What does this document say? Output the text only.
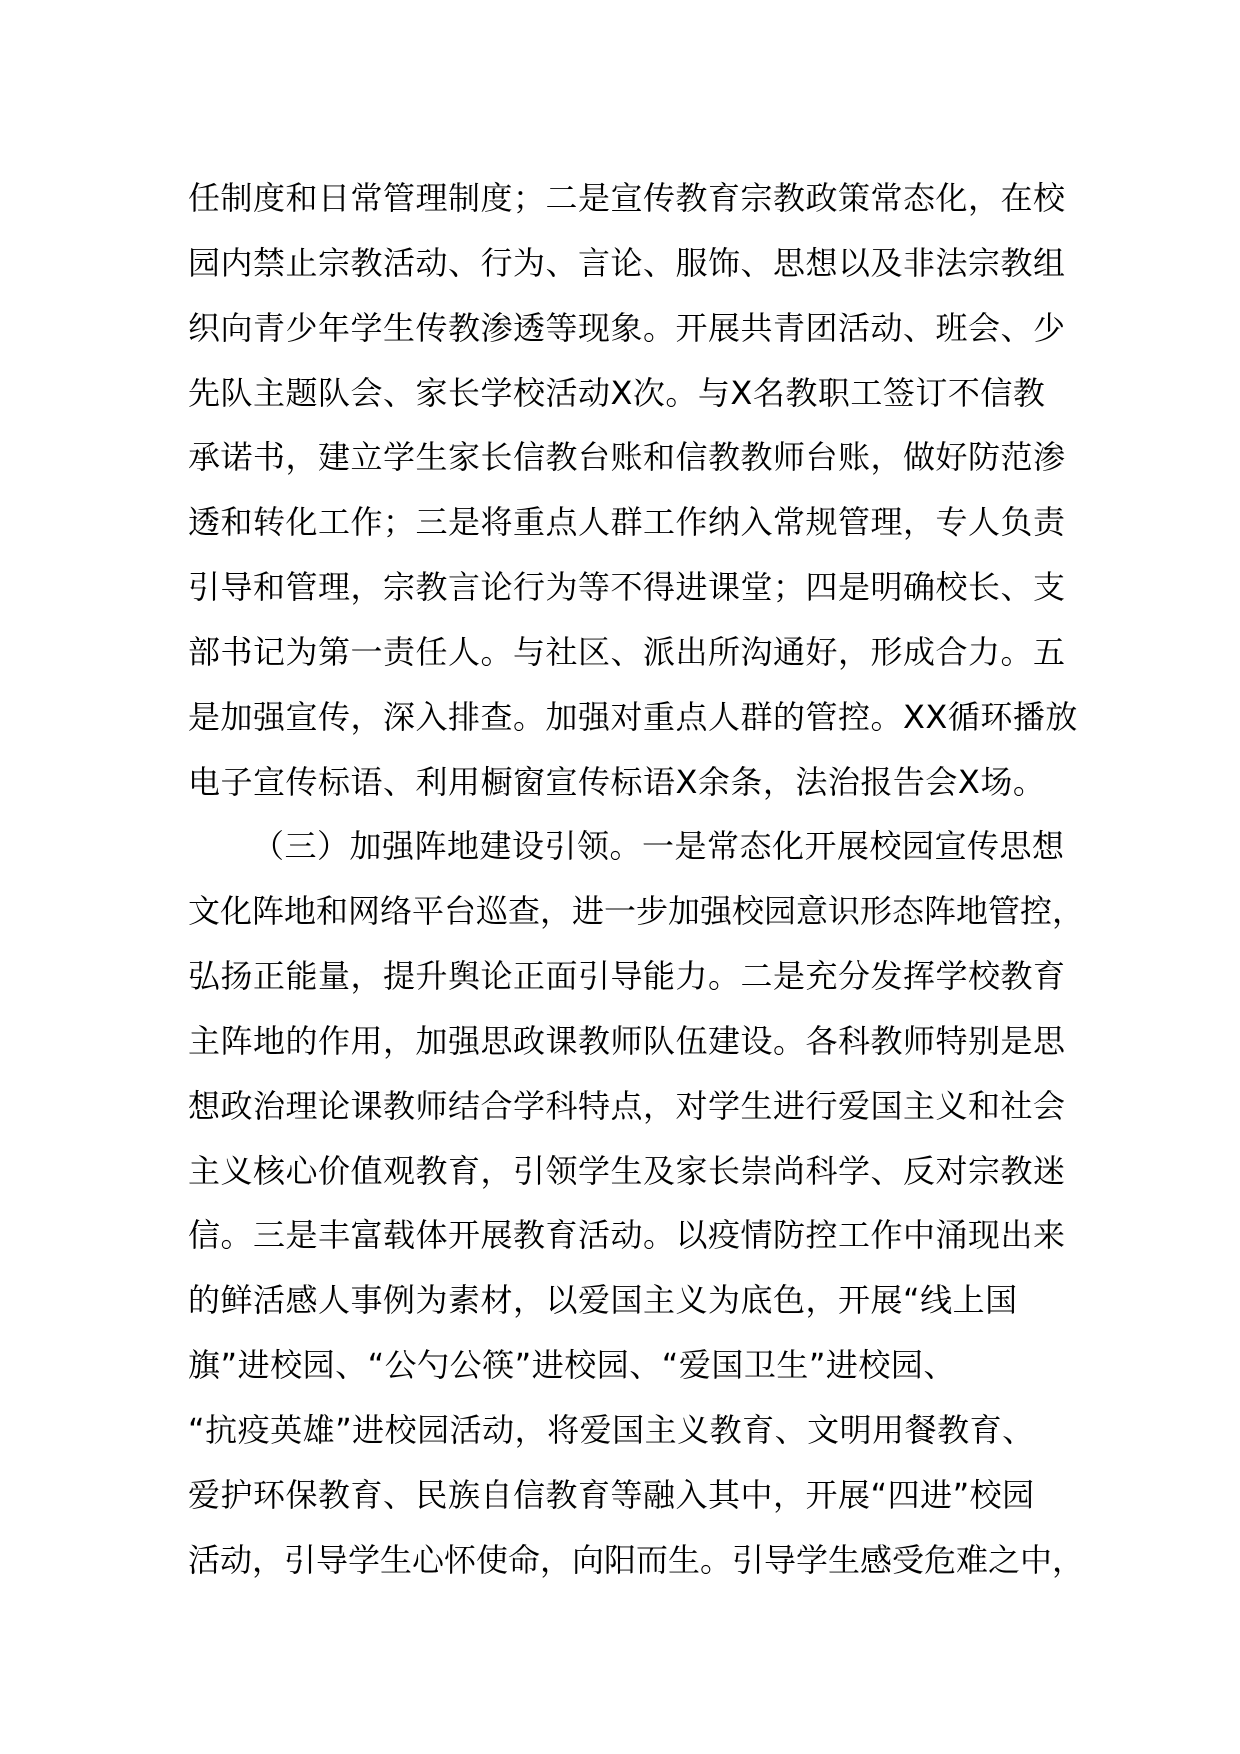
任制度和日常管理制度；二是宣传教育宗教政策常态化，在校
园内禁止宗教活动、行为、言论、服饰、思想以及非法宗教组
织向青少年学生传教渗透等现象。开展共青团活动、班会、少
先队主题队会、家长学校活动X次。与X名教职工签订不信教
承诺书，建立学生家长信教台账和信教教师台账，做好防范渗
透和转化工作；三是将重点人群工作纳入常规管理，专人负责
引导和管理，宗教言论行为等不得进课堂；四是明确校长、支
部书记为第一责任人。与社区、派出所沟通好，形成合力。五
是加强宣传，深入排查。加强对重点人群的管控。XX循环播放
电子宣传标语、利用橱窗宣传标语X余条，法治报告会X场。
（三）加强阵地建设引领。一是常态化开展校园宣传思想
文化阵地和网络平台巡查，进一步加强校园意识形态阵地管控，
弘扬正能量，提升舆论正面引导能力。二是充分发挥学校教育
主阵地的作用，加强思政课教师队伍建设。各科教师特别是思
想政治理论课教师结合学科特点，对学生进行爱国主义和社会
主义核心价值观教育，引领学生及家长崇尚科学、反对宗教迷
信。三是丰富载体开展教育活动。以疫情防控工作中涌现出来
的鲜活感人事例为素材，以爱国主义为底色，开展“线上国
旗”进校园、“公勺公筷”进校园、“爱国卫生”进校园、
“抗疫英雄”进校园活动，将爱国主义教育、文明用餐教育、
爱护环保教育、民族自信教育等融入其中，开展“四进”校园
活动，引导学生心怀使命，向阳而生。引导学生感受危难之中，
